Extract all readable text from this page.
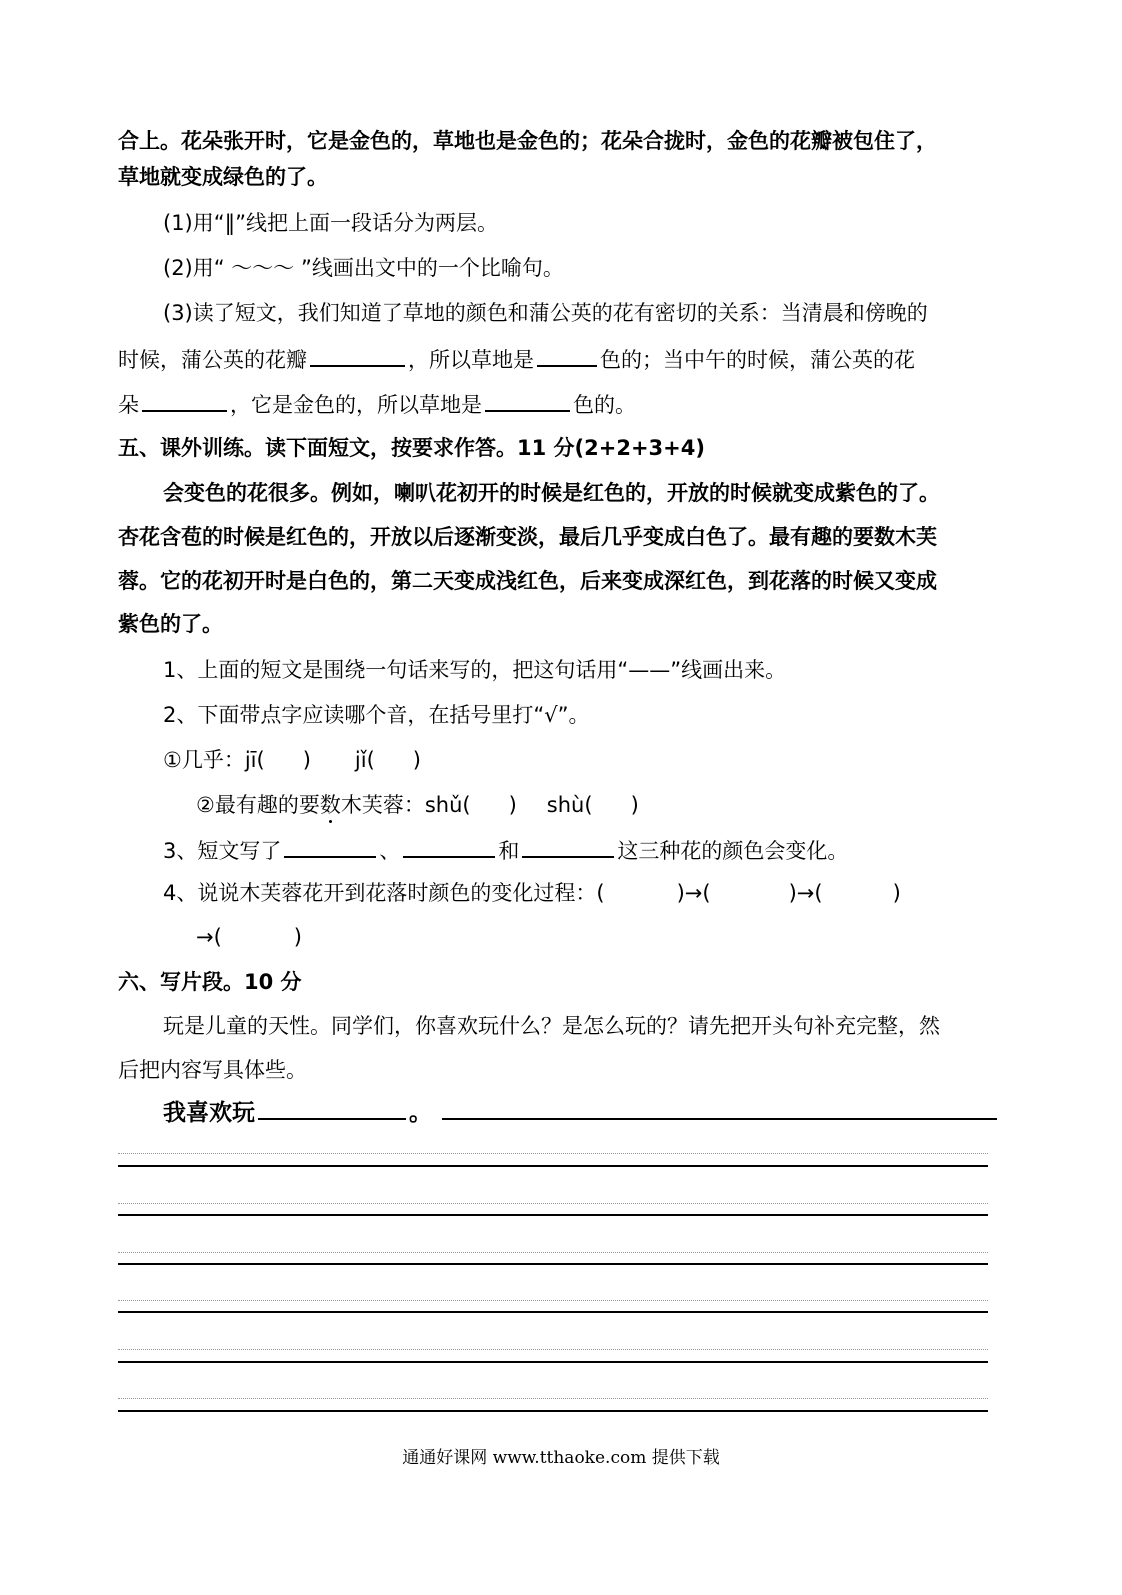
合上。花朵张开时，它是金色的，草地也是金色的；花朵合拢时，金色的花瓣被包住了，
草地就变成绿色的了。
(1)用“‖”线把上面一段话分为两层。
(2)用“ ～～～ ”线画出文中的一个比喻句。
(3)读了短文，我们知道了草地的颜色和蒲公英的花有密切的关系：当清晨和傍晚的
时候，蒲公英的花瓣	，所以草地是	色的；当中午的时候，蒲公英的花
朵	，它是金色的，所以草地是	色的。
五、课外训练。读下面短文，按要求作答。11 分(2+2+3+4)
会变色的花很多。例如，喇叭花初开的时候是红色的，开放的时候就变成紫色的了。
杏花含苞的时候是红色的，开放以后逐渐变淡，最后几乎变成白色了。最有趣的要数木芙
蓉。它的花初开时是白色的，第二天变成浅红色，后来变成深红色，到花落的时候又变成
紫色的了。
1、上面的短文是围绕一句话来写的，把这句话用“——”线画出来。
2、下面带点字应读哪个音，在括号里打“√”。
①几乎：jī( ) jǐ( )
②最有趣的要数木芙蓉：shǔ( ) shù( )
3、短文写了	、	和	这三种花的颜色会变化。
4、说说木芙蓉花开到花落时颜色的变化过程：(	)→(	)→(	)
→(	)
六、写片段。10 分
玩是儿童的天性。同学们，你喜欢玩什么？是怎么玩的？请先把开头句补充完整，然
后把内容写具体些。
我喜欢玩	。
通通好课网 www.tthaoke.com 提供下载
